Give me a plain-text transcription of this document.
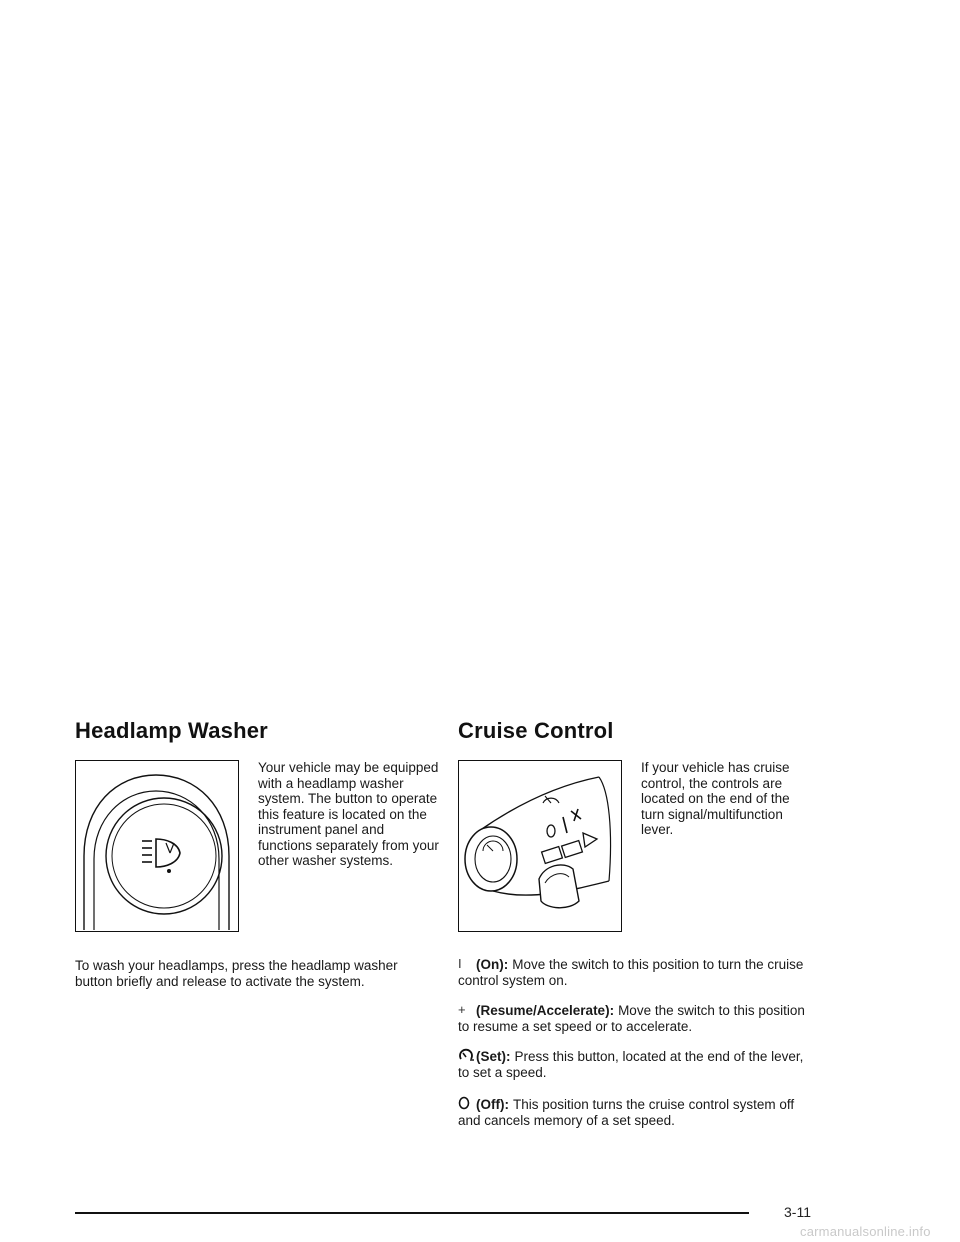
Headlamp Washer

Your vehicle may be equipped with a headlamp washer system. The button to operate this feature is located on the instrument panel and functions separately from your other washer systems.

To wash your headlamps, press the headlamp washer button briefly and release to activate the system.

Cruise Control

If your vehicle has cruise control, the controls are located on the end of the turn signal/multifunction lever.

I (On): Move the switch to this position to turn the cruise control system on.

+ (Resume/Accelerate): Move the switch to this position to resume a set speed or to accelerate.

(Set): Press this button, located at the end of the lever, to set a speed.

(Off): This position turns the cruise control system off and cancels memory of a set speed.

3-11
carmanualsonline.info
